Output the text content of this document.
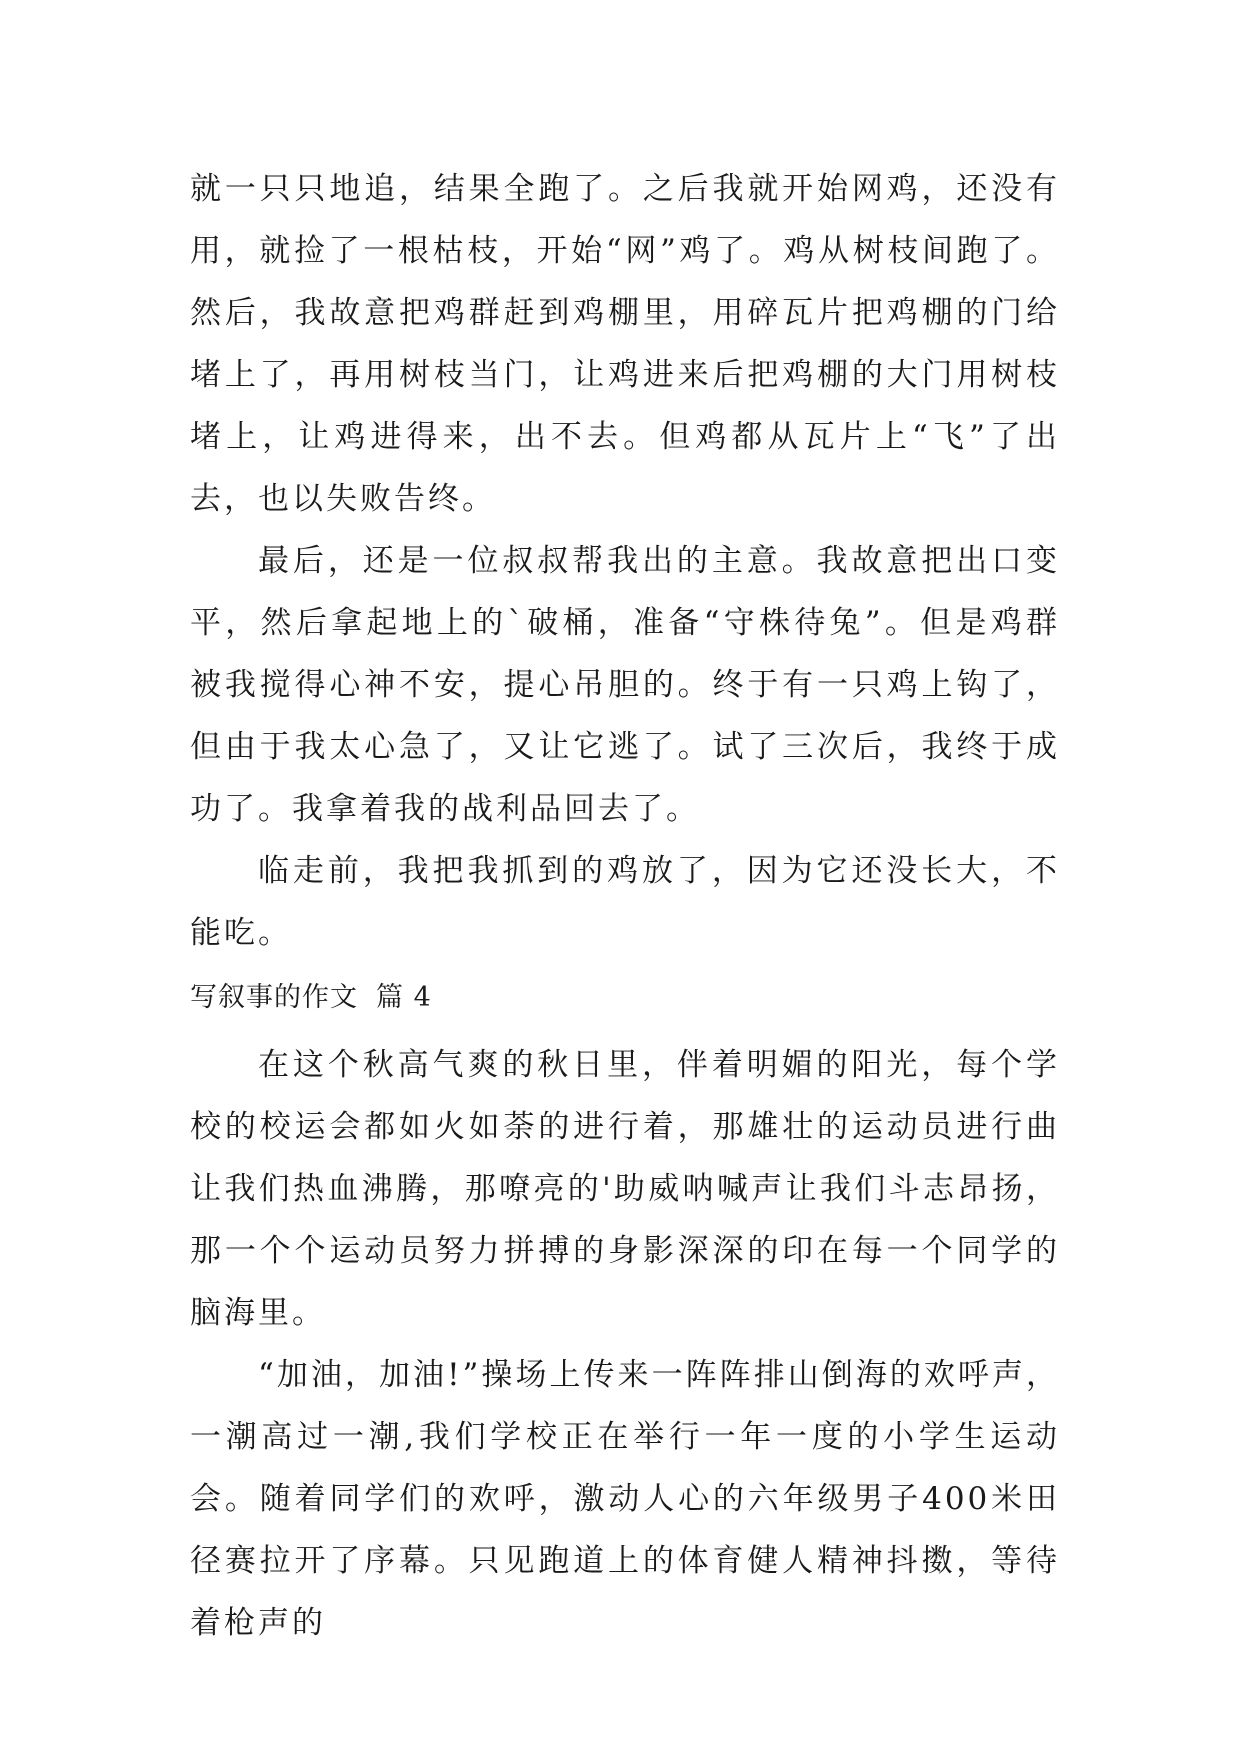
就一只只地追，结果全跑了。之后我就开始网鸡，还没有用，就捡了一根枯枝，开始“网”鸡了。鸡从树枝间跑了。然后，我故意把鸡群赶到鸡棚里，用碎瓦片把鸡棚的门给堵上了，再用树枝当门，让鸡进来后把鸡棚的大门用树枝堵上，让鸡进得来，出不去。但鸡都从瓦片上“飞”了出去，也以失败告终。

最后，还是一位叔叔帮我出的主意。我故意把出口变平，然后拿起地上的`破桶，准备“守株待兔”。但是鸡群被我搅得心神不安，提心吊胆的。终于有一只鸡上钩了，但由于我太心急了，又让它逃了。试了三次后，我终于成功了。我拿着我的战利品回去了。

临走前，我把我抓到的鸡放了，因为它还没长大，不能吃。

写叙事的作文 篇 4

在这个秋高气爽的秋日里，伴着明媚的阳光，每个学校的校运会都如火如荼的进行着，那雄壮的运动员进行曲让我们热血沸腾，那嘹亮的'助威呐喊声让我们斗志昂扬，那一个个运动员努力拼搏的身影深深的印在每一个同学的脑海里。

“加油，加油!”操场上传来一阵阵排山倒海的欢呼声，一潮高过一潮,我们学校正在举行一年一度的小学生运动会。随着同学们的欢呼，激动人心的六年级男子400米田径赛拉开了序幕。只见跑道上的体育健人精神抖擞，等待着枪声的
